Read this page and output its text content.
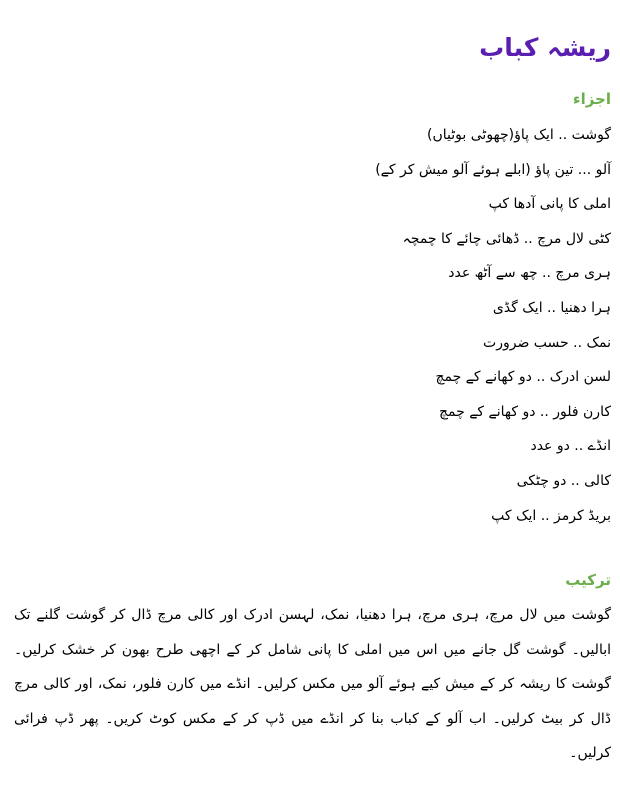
ریشہ کباب
اجزاء
گوشت .. ایک پاؤ(چھوٹی بوٹیاں)
آلو ... تین پاؤ (ابلے ہوئے آلو میش کر کے)
املی کا پانی آدھا کپ
کٹی لال مرچ .. ڈھائی چائے کا چمچہ
ہری مرچ .. چھ سے آٹھ عدد
ہرا دھنیا .. ایک گڈی
نمک .. حسب ضرورت
لسن ادرک .. دو کھانے کے چمچ
کارن فلور .. دو کھانے کے چمچ
انڈے .. دو عدد
کالی .. دو چٹکی
بریڈ کرمز .. ایک کپ
ترکیب

گوشت میں لال مرچ، ہری مرچ، ہرا دھنیا، نمک، لہسن ادرک اور کالی مرچ ڈال کر گوشت گلنے تک ابالیں۔ گوشت گل جانے میں اس میں املی کا پانی شامل کر کے اچھی طرح بھون کر خشک کرلیں۔ گوشت کا ریشہ کر کے میش کیے ہوئے آلو میں مکس کرلیں۔ انڈے میں کارن فلور، نمک، اور کالی مرچ ڈال کر بیٹ کرلیں۔ اب آلو کے کباب بنا کر انڈے میں ڈپ کر کے مکس کوٹ کریں۔ پھر ڈپ فرائی کرلیں۔
